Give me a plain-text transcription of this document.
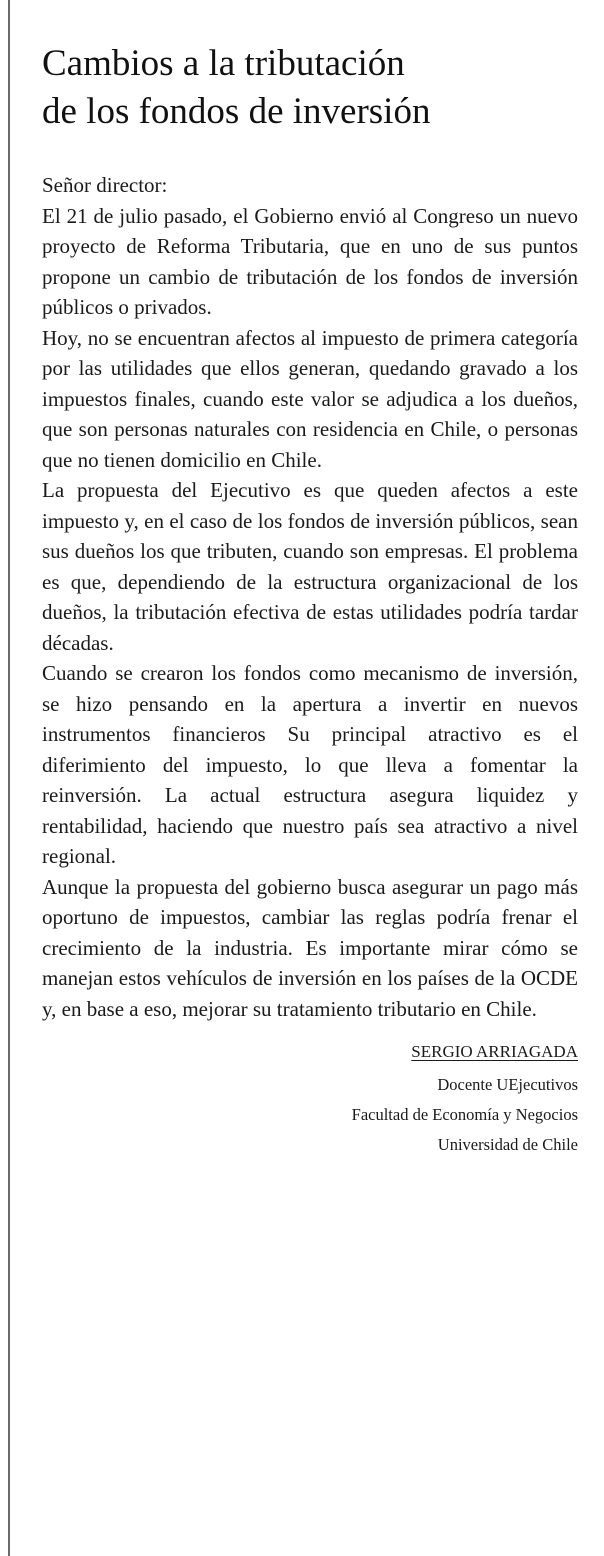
Cambios a la tributación
de los fondos de inversión
Señor director:

El 21 de julio pasado, el Gobierno envió al Congreso un nuevo proyecto de Reforma Tributaria, que en uno de sus puntos propone un cambio de tributación de los fondos de inversión públicos o privados.

Hoy, no se encuentran afectos al impuesto de primera categoría por las utilidades que ellos generan, quedando gravado a los impuestos finales, cuando este valor se adjudica a los dueños, que son personas naturales con residencia en Chile, o personas que no tienen domicilio en Chile.

La propuesta del Ejecutivo es que queden afectos a este impuesto y, en el caso de los fondos de inversión públicos, sean sus dueños los que tributen, cuando son empresas. El problema es que, dependiendo de la estructura organizacional de los dueños, la tributación efectiva de estas utilidades podría tardar décadas.

Cuando se crearon los fondos como mecanismo de inversión, se hizo pensando en la apertura a invertir en nuevos instrumentos financieros Su principal atractivo es el diferimiento del impuesto, lo que lleva a fomentar la reinversión. La actual estructura asegura liquidez y rentabilidad, haciendo que nuestro país sea atractivo a nivel regional.

Aunque la propuesta del gobierno busca asegurar un pago más oportuno de impuestos, cambiar las reglas podría frenar el crecimiento de la industria. Es importante mirar cómo se manejan estos vehículos de inversión en los países de la OCDE y, en base a eso, mejorar su tratamiento tributario en Chile.

SERGIO ARRIAGADA
Docente UEjecutivos
Facultad de Economía y Negocios
Universidad de Chile
